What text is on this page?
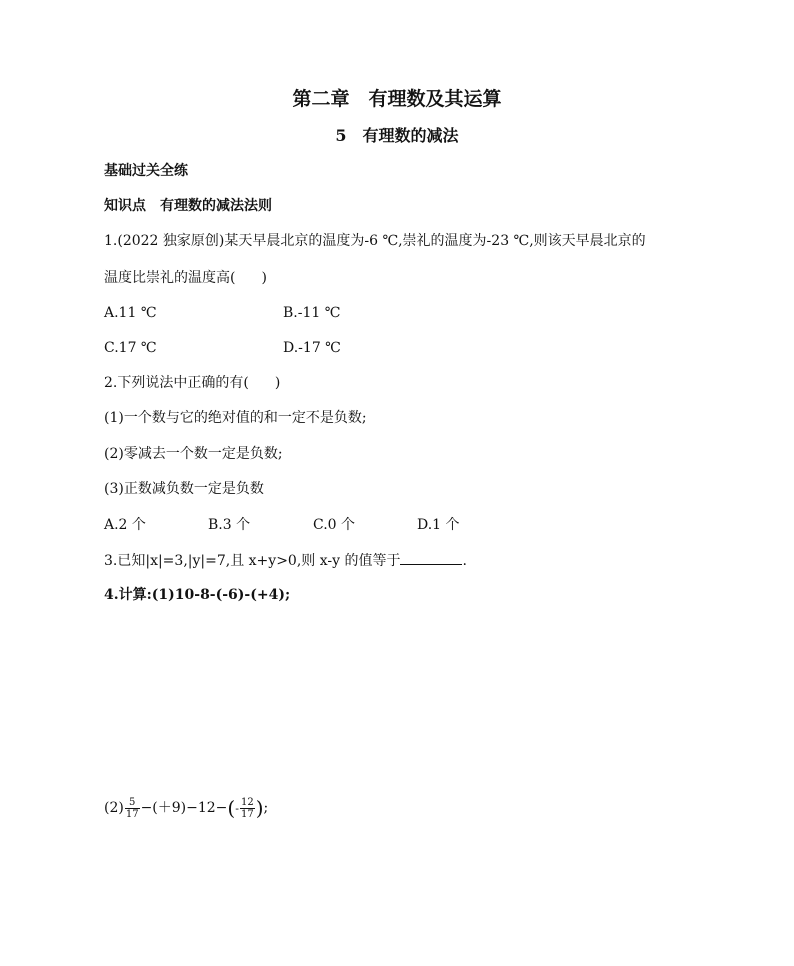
第二章　有理数及其运算
5　有理数的减法
基础过关全练
知识点　有理数的减法法则
1.(2022 独家原创)某天早晨北京的温度为-6 ℃,崇礼的温度为-23 ℃,则该天早晨北京的
温度比崇礼的温度高( )
A.11 ℃	B.-11 ℃
C.17 ℃	D.-17 ℃
2.下列说法中正确的有( )
(1)一个数与它的绝对值的和一定不是负数;
(2)零减去一个数一定是负数;
(3)正数减负数一定是负数
A.2 个	B.3 个	C.0 个	D.1 个
3.已知|x|=3,|y|=7,且 x+y>0,则 x-y 的值等于	.
4.计算:(1)10-8-(-6)-(+4);
$(2) \frac{5}{17} -(+9)-12-(- \frac{12}{17}$ );
